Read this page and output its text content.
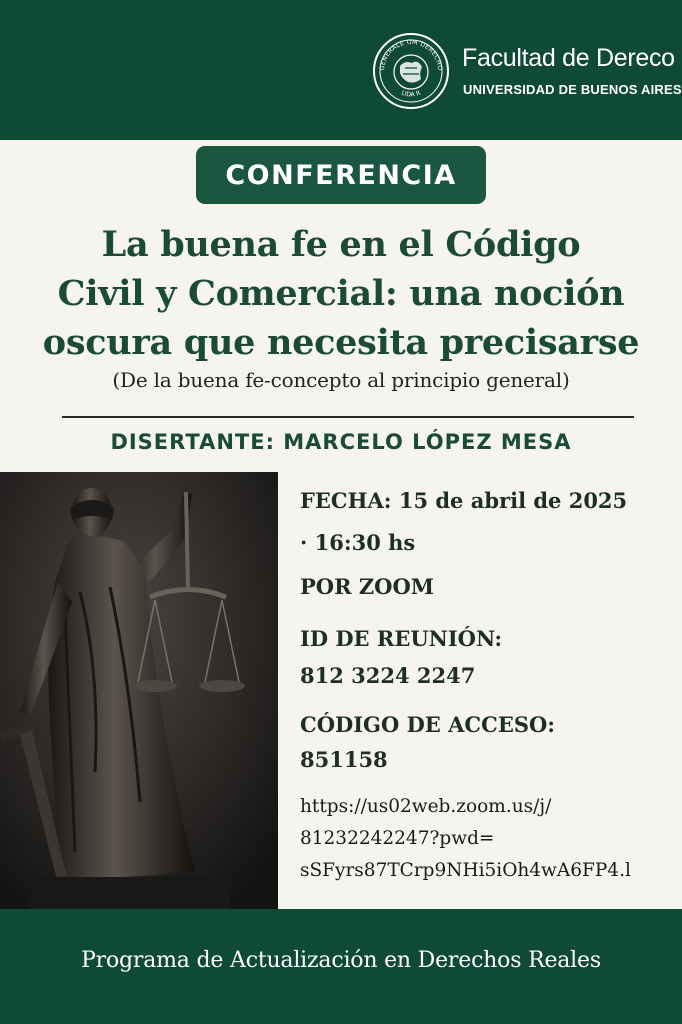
GENERALE OM DERECHO
LIDA R
Facultad de Dereco
UNIVERSIDAD DE BUENOS AIRES
CONFERENCIA
La buena fe en el Código
Civil y Comercial: una noción
oscura que necesita precisarse
(De la buena fe-concepto al principio general)
DISERTANTE: MARCELO LÓPEZ MESA
FECHA: 15 de abril de 2025
· 16:30 hs
POR ZOOM
ID DE REUNIÓN:
812 3224 2247
CÓDIGO DE ACCESO:
851158
https://us02web.zoom.us/j/
81232242247?pwd=
sSFyrs87TCrp9NHi5iOh4wA6FP4.l
Programa de Actualización en Derechos Reales
